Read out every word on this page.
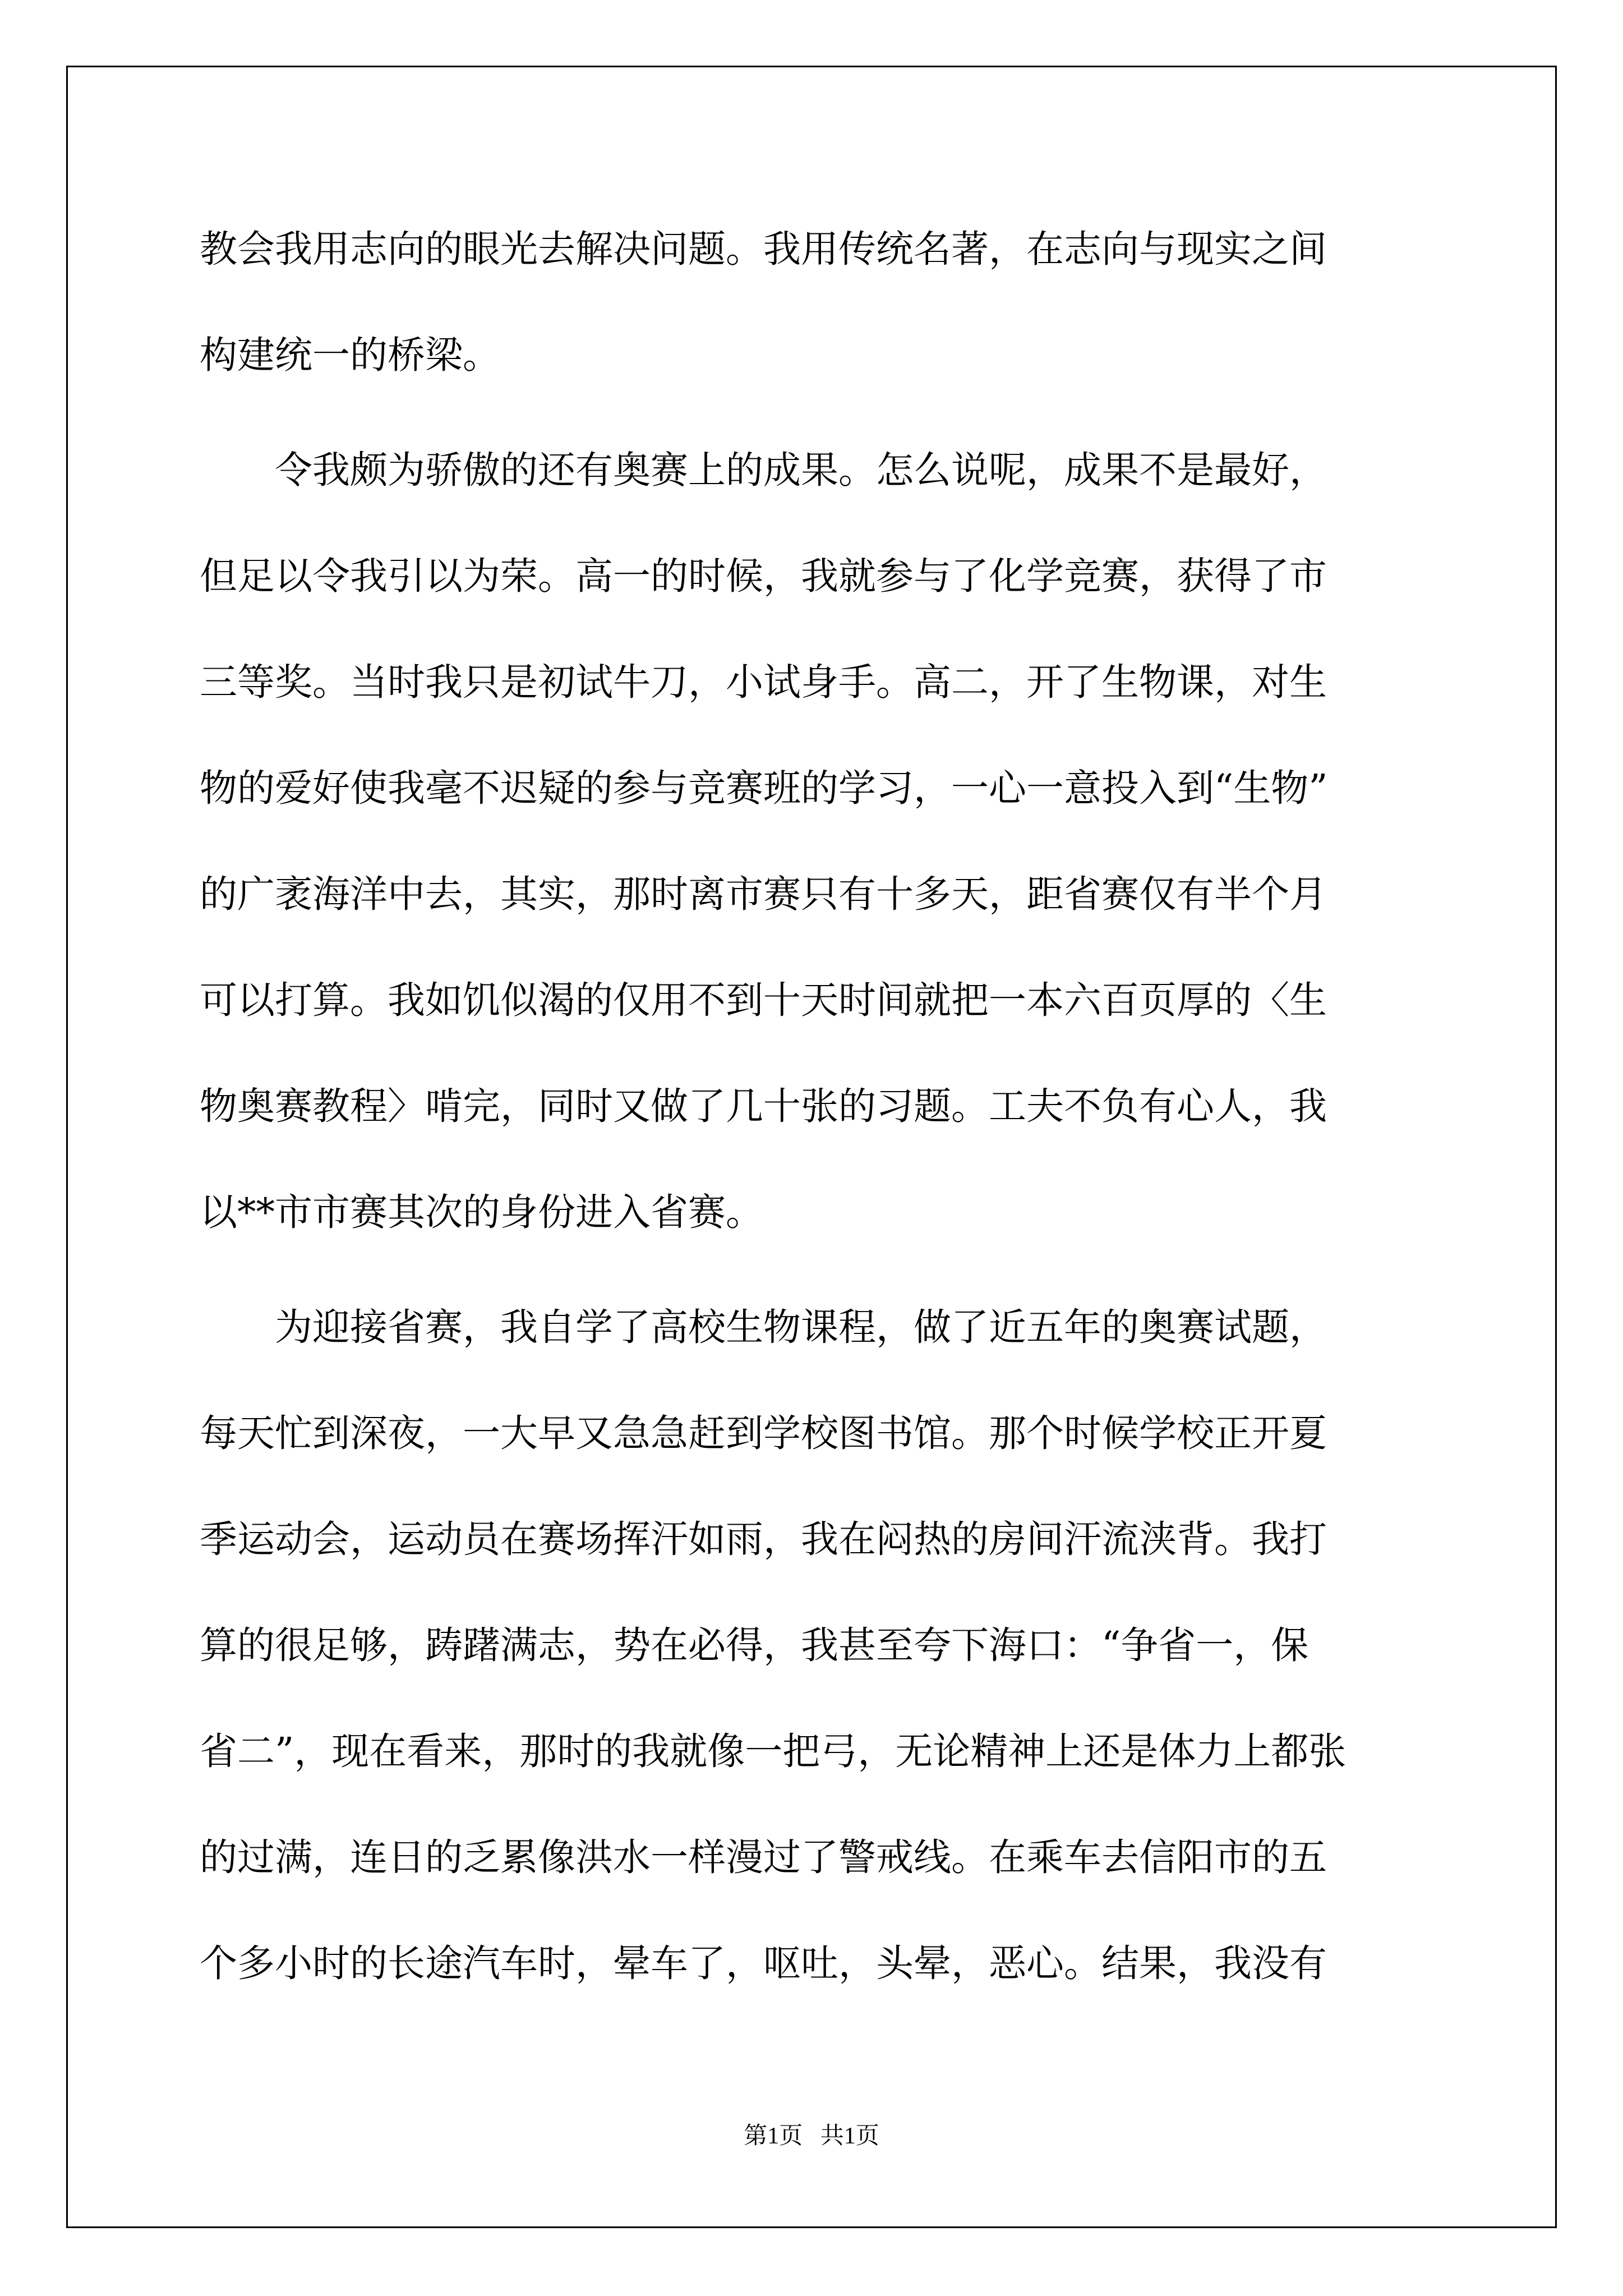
教会我用志向的眼光去解决问题。我用传统名著，在志向与现实之间
构建统一的桥梁。
令我颇为骄傲的还有奥赛上的成果。怎么说呢，成果不是最好，
但足以令我引以为荣。高一的时候，我就参与了化学竞赛，获得了市
三等奖。当时我只是初试牛刀，小试身手。高二，开了生物课，对生
物的爱好使我毫不迟疑的参与竞赛班的学习，一心一意投入到“生物”
的广袤海洋中去，其实，那时离市赛只有十多天，距省赛仅有半个月
可以打算。我如饥似渴的仅用不到十天时间就把一本六百页厚的〈生
物奥赛教程〉啃完，同时又做了几十张的习题。工夫不负有心人，我
以**市市赛其次的身份进入省赛。
为迎接省赛，我自学了高校生物课程，做了近五年的奥赛试题，
每天忙到深夜，一大早又急急赶到学校图书馆。那个时候学校正开夏
季运动会，运动员在赛场挥汗如雨，我在闷热的房间汗流浃背。我打
算的很足够，踌躇满志，势在必得，我甚至夸下海口：“争省一，保
省二”，现在看来，那时的我就像一把弓，无论精神上还是体力上都张
的过满，连日的乏累像洪水一样漫过了警戒线。在乘车去信阳市的五
个多小时的长途汽车时，晕车了，呕吐，头晕，恶心。结果，我没有
第1页   共1页
